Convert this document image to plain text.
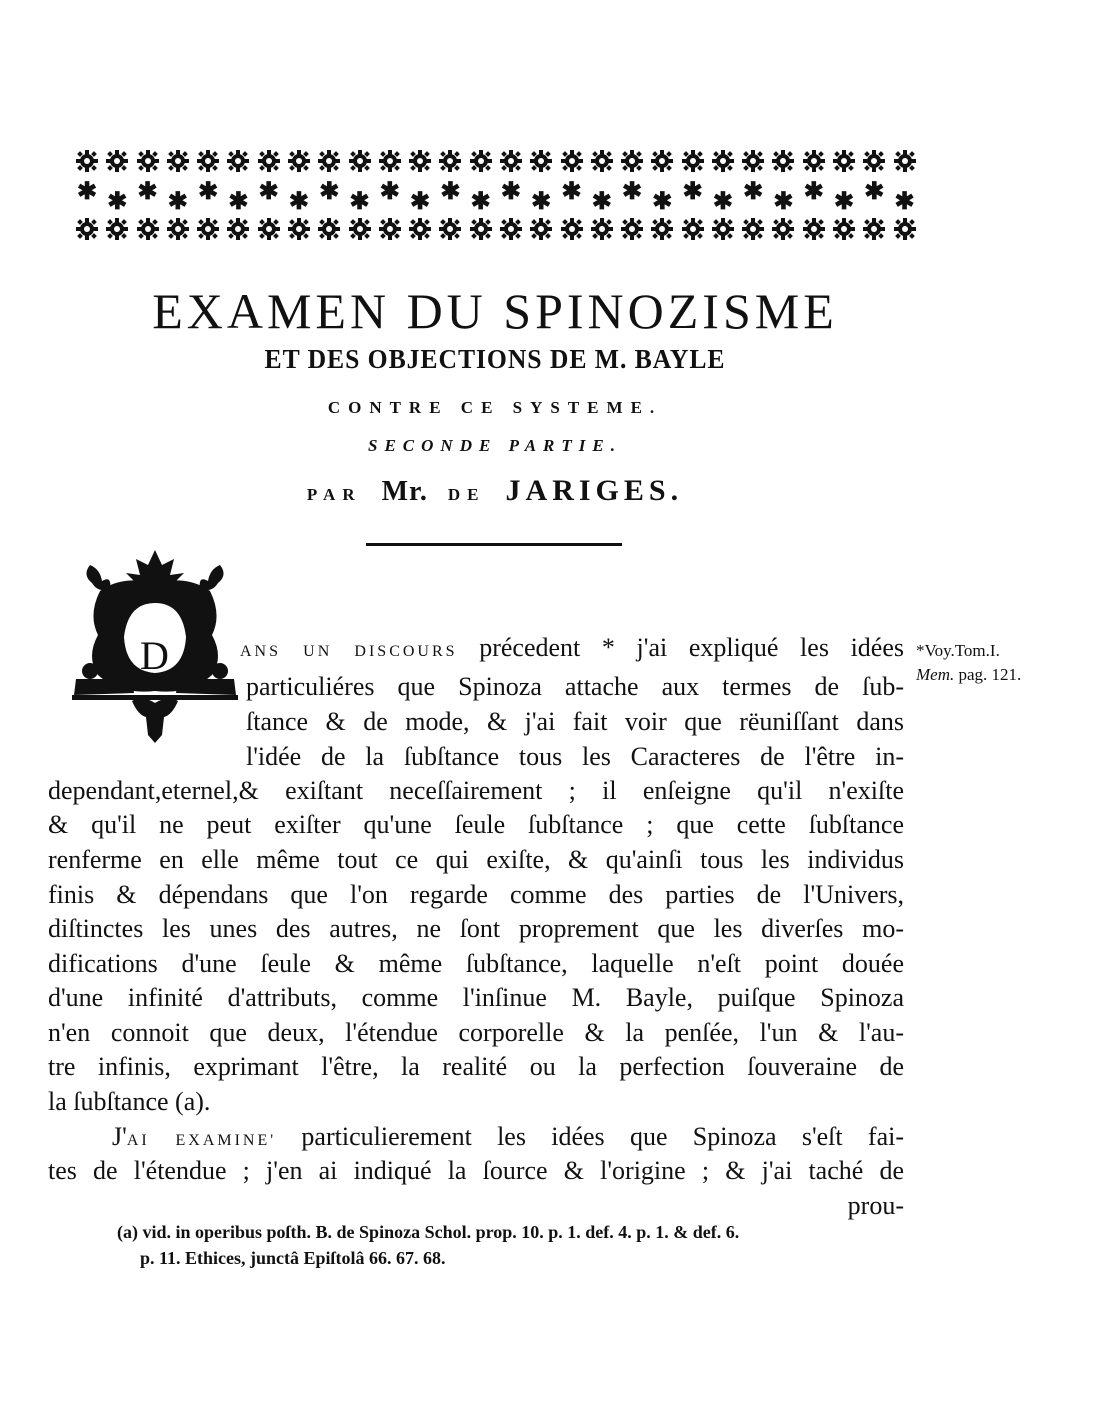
✱ ✱ ✱ ✱ ✱ ✱ ✱ ✱ ✱ ✱ ✱ ✱ ✱ ✱ ✱ ✱ ✱ ✱ ✱ ✱ ✱ ✱ ✱ ✱ ✱ ✱ ✱ ✱
EXAMEN DU SPINOZISME
ET DES OBJECTIONS DE M. BAYLE
CONTRE CE SYSTEME.
SECONDE PARTIE.
PAR Mr. DE JARIGES.
D	ANS UN DISCOURS précedent * j'ai expliqué les idées
particuliéres que Spinoza attache aux termes de ſub-
ſtance & de mode, & j'ai fait voir que rëuniſſant dans
l'idée de la ſubſtance tous les Caracteres de l'être in-
dependant,eternel,& exiſtant neceſſairement ; il enſeigne qu'il n'exiſte
& qu'il ne peut exiſter qu'une ſeule ſubſtance ; que cette ſubſtance
renferme en elle même tout ce qui exiſte, & qu'ainſi tous les individus
finis & dépendans que l'on regarde comme des parties de l'Univers,
diſtinctes les unes des autres, ne ſont proprement que les diverſes mo-
difications d'une ſeule & même ſubſtance, laquelle n'eſt point douée
d'une infinité d'attributs, comme l'inſinue M. Bayle, puiſque Spinoza
n'en connoit que deux, l'étendue corporelle & la penſée, l'un & l'au-
tre infinis, exprimant l'être, la realité ou la perfection ſouveraine de
la ſubſtance (a).
J'AI EXAMINE' particulierement les idées que Spinoza s'eſt fai-
tes de l'étendue ; j'en ai indiqué la ſource & l'origine ; & j'ai taché de
prou-
*Voy.Tom.I.
Mem. pag. 121.
(a) vid. in operibus poſth. B. de Spinoza Schol. prop. 10. p. 1. def. 4. p. 1. & def. 6.
p. 11. Ethices, junctâ Epiſtolâ 66. 67. 68.
